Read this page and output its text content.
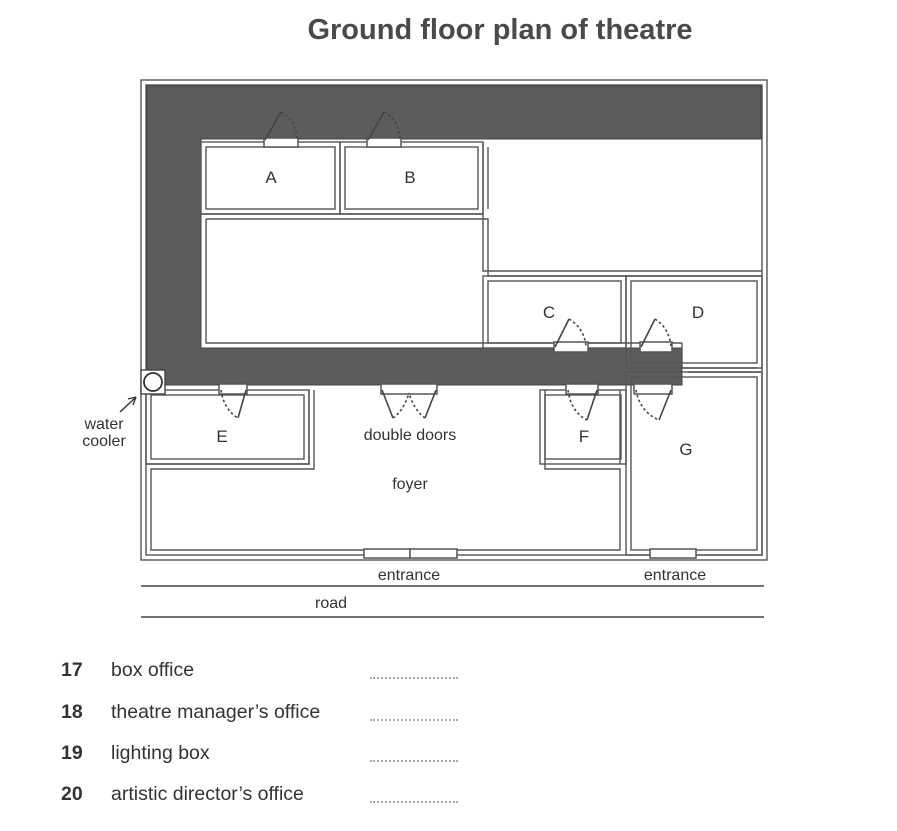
Ground floor plan of theatre
A	B
C	D
E	F
G
water
cooler	double doors
foyer
entrance	entrance
road
17 box office
18 theatre manager’s office
19 lighting box
20 artistic director’s office
